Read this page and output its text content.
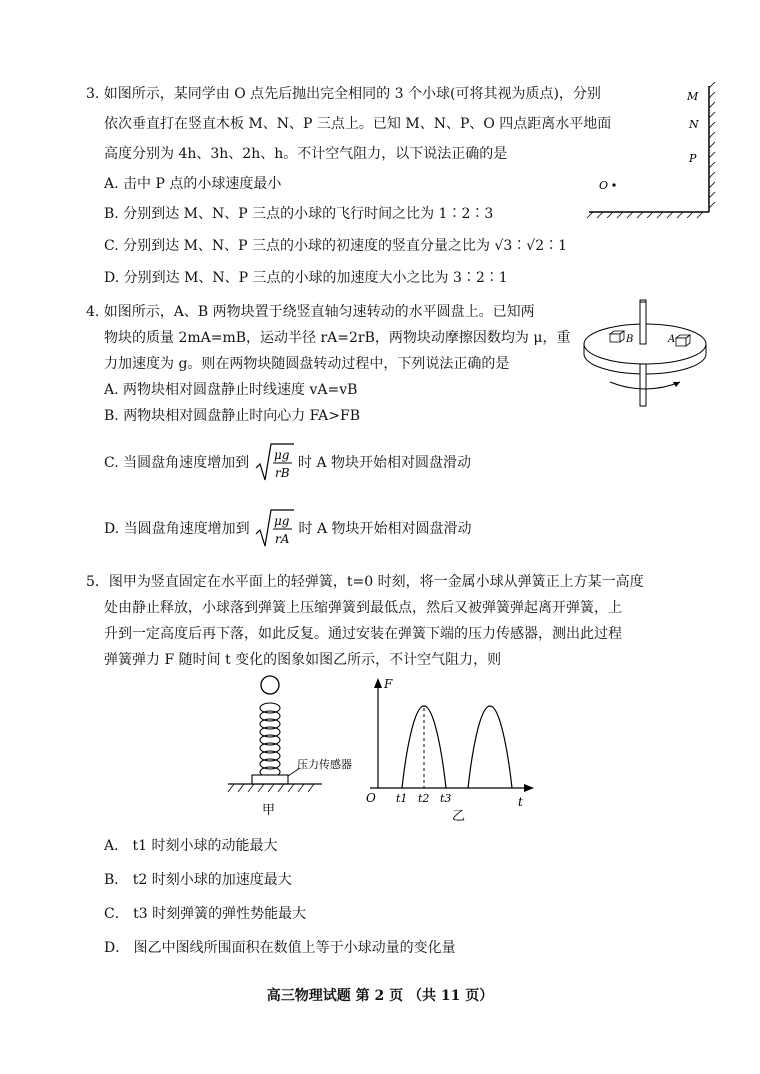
3. 如图所示，某同学由 O 点先后抛出完全相同的 3 个小球(可将其视为质点)，分别
依次垂直打在竖直木板 M、N、P 三点上。已知 M、N、P、O 四点距离水平地面
高度分别为 4h、3h、2h、h。不计空气阻力，以下说法正确的是
A. 击中 P 点的小球速度最小
B. 分别到达 M、N、P 三点的小球的飞行时间之比为 1∶2∶3
C. 分别到达 M、N、P 三点的小球的初速度的竖直分量之比为 √3∶√2∶1
D. 分别到达 M、N、P 三点的小球的加速度大小之比为 3∶2∶1
M
N
P
O
4. 如图所示，A、B 两物块置于绕竖直轴匀速转动的水平圆盘上。已知两
物块的质量 2mA=mB，运动半径 rA=2rB，两物块动摩擦因数均为 μ，重
力加速度为 g。则在两物块随圆盘转动过程中，下列说法正确的是
A. 两物块相对圆盘静止时线速度 vA=vB
B. 两物块相对圆盘静止时向心力 FA>FB
C. 当圆盘角速度增加到 μg
rB
时 A 物块开始相对圆盘滑动
D. 当圆盘角速度增加到 μg
rA
时 A 物块开始相对圆盘滑动
B	A
5．图甲为竖直固定在水平面上的轻弹簧，t=0 时刻，将一金属小球从弹簧正上方某一高度
处由静止释放，小球落到弹簧上压缩弹簧到最低点，然后又被弹簧弹起离开弹簧，上
升到一定高度后再下落，如此反复。通过安装在弹簧下端的压力传感器，测出此过程
弹簧弹力 F 随时间 t 变化的图象如图乙所示，不计空气阻力，则
压力传感器
甲
F
t
O t1 t2 t3
乙
A． t1 时刻小球的动能最大
B． t2 时刻小球的加速度最大
C． t3 时刻弹簧的弹性势能最大
D． 图乙中图线所围面积在数值上等于小球动量的变化量
高三物理试题 第 2 页 （共 11 页）
